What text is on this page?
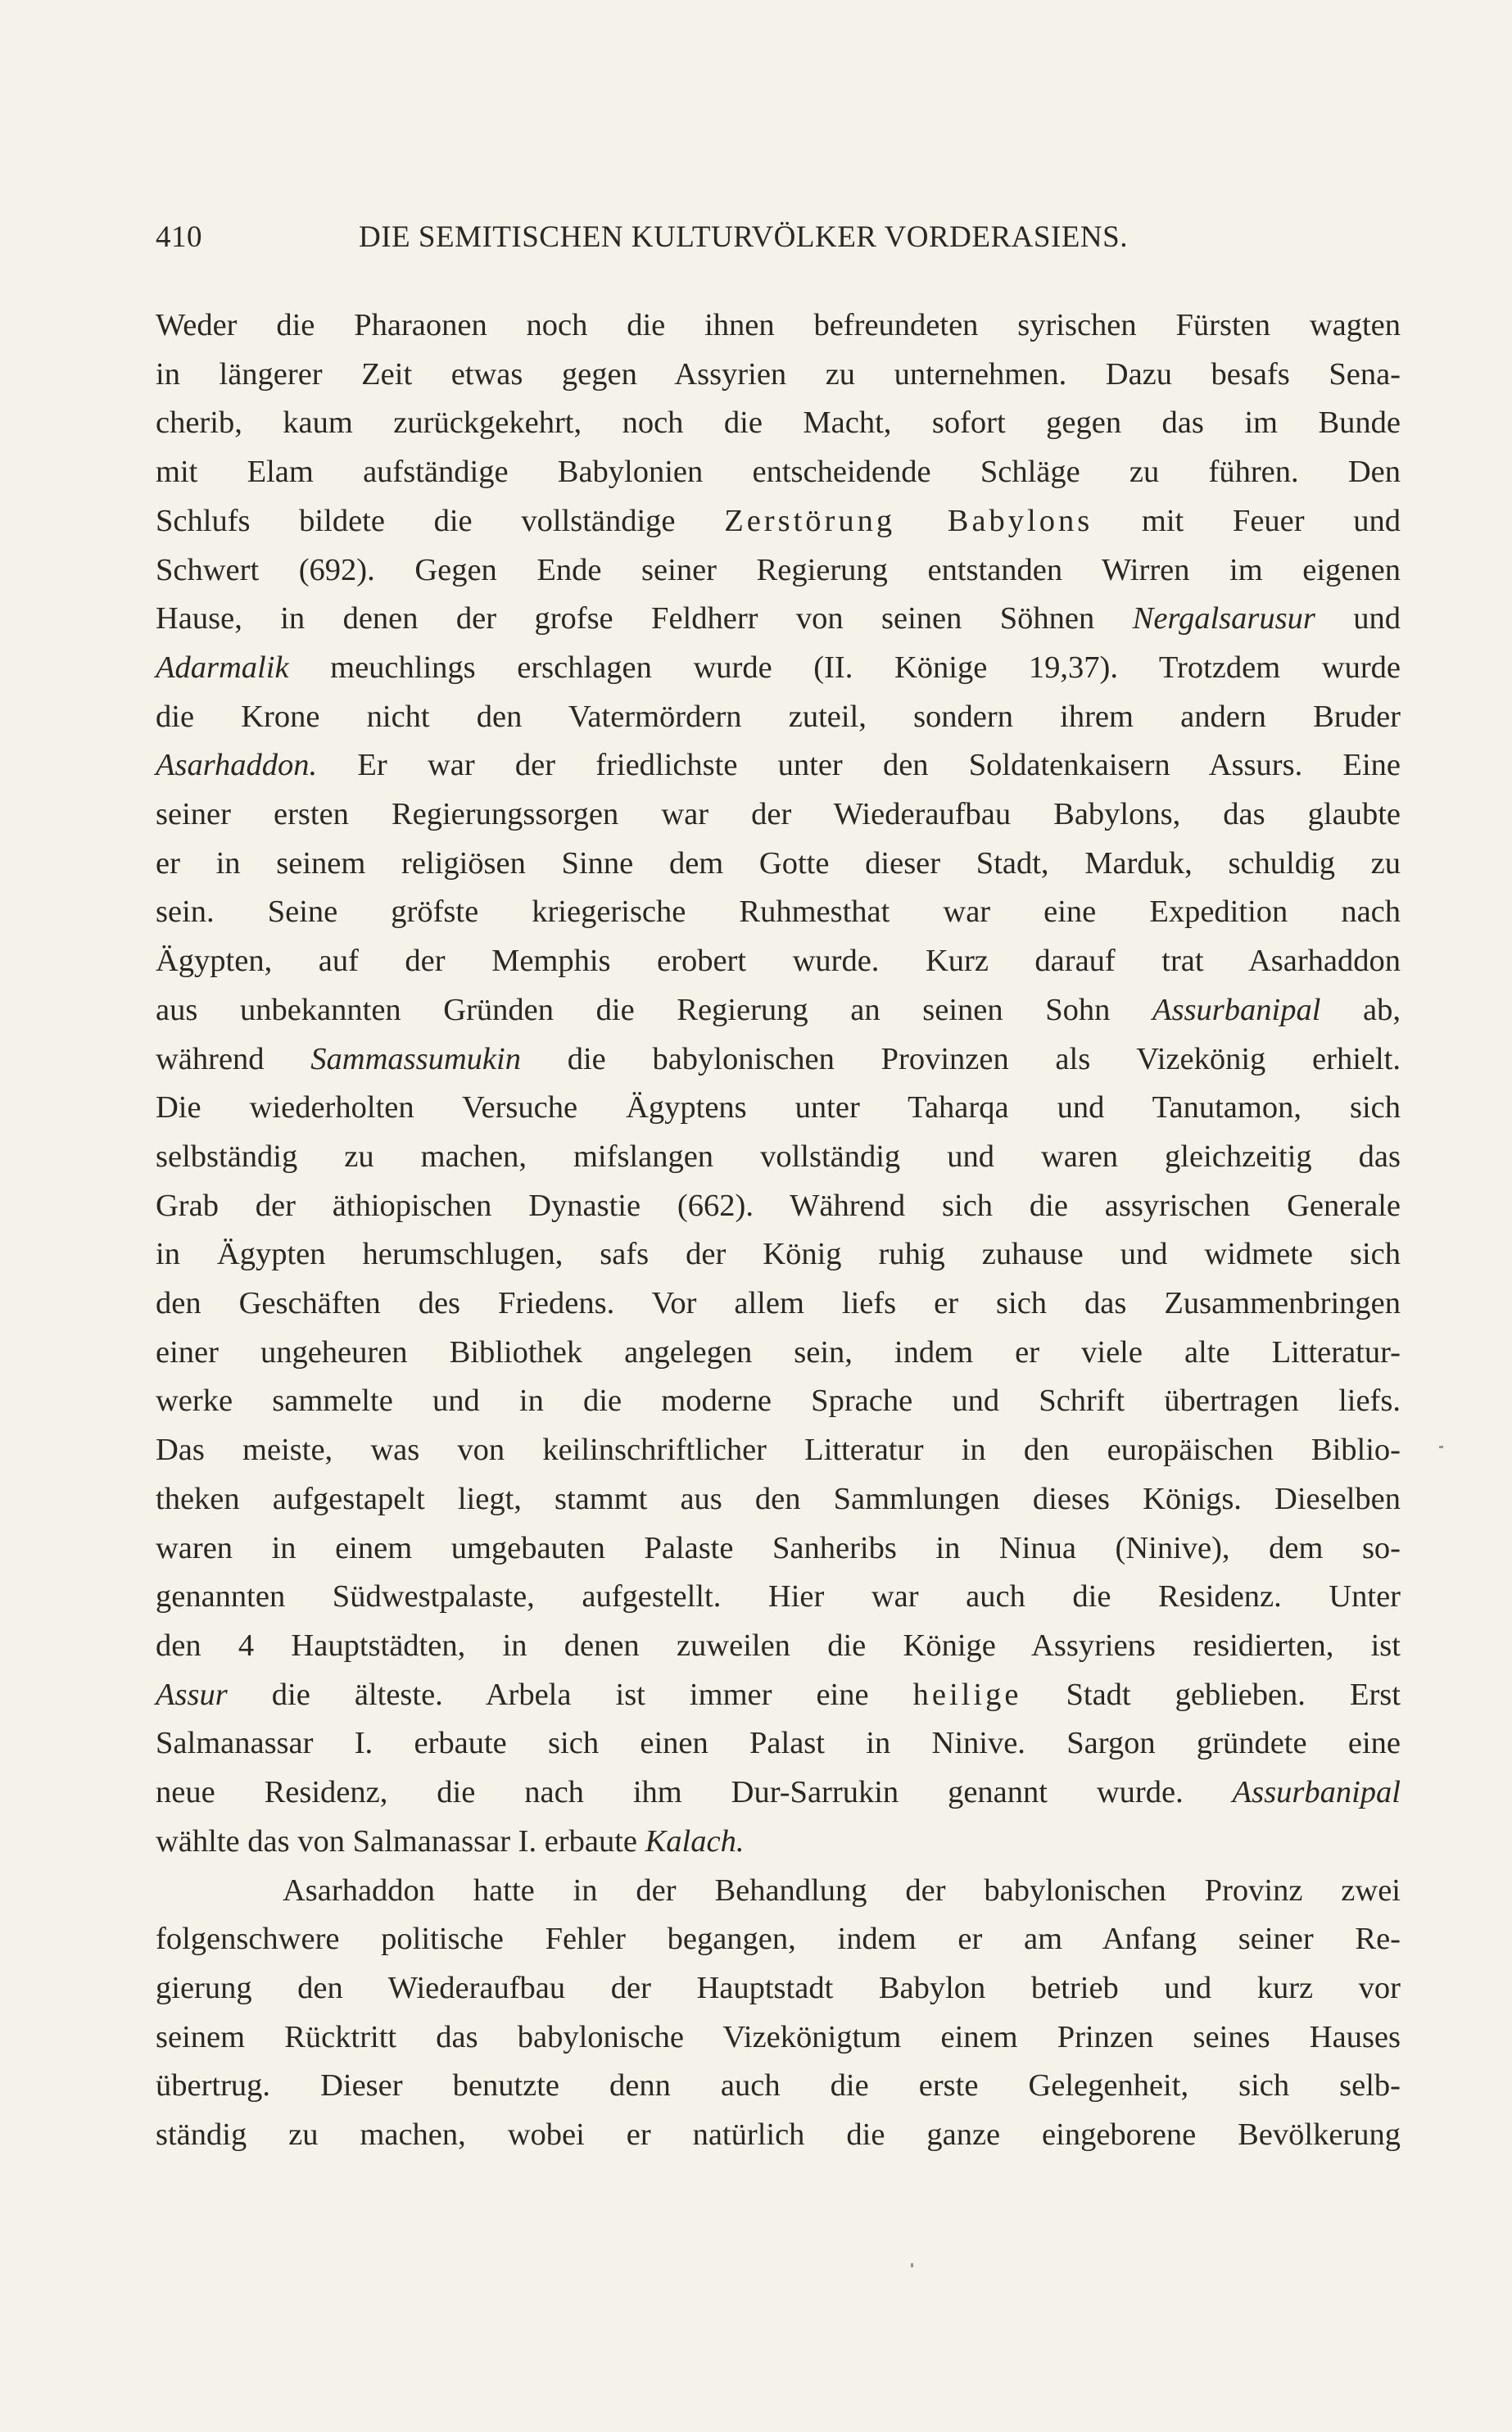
410	DIE SEMITISCHEN KULTURVÖLKER VORDERASIENS.

Weder die Pharaonen noch die ihnen befreundeten syrischen Fürsten wagten
in längerer Zeit etwas gegen Assyrien zu unternehmen. Dazu besafs Sena-
cherib, kaum zurückgekehrt, noch die Macht, sofort gegen das im Bunde
mit Elam aufständige Babylonien entscheidende Schläge zu führen. Den
Schlufs bildete die vollständige Zerstörung Babylons mit Feuer und
Schwert (692). Gegen Ende seiner Regierung entstanden Wirren im eigenen
Hause, in denen der grofse Feldherr von seinen Söhnen Nergalsarusur und
Adarmalik meuchlings erschlagen wurde (II. Könige 19,37). Trotzdem wurde
die Krone nicht den Vatermördern zuteil, sondern ihrem andern Bruder
Asarhaddon. Er war der friedlichste unter den Soldatenkaisern Assurs. Eine
seiner ersten Regierungssorgen war der Wiederaufbau Babylons, das glaubte
er in seinem religiösen Sinne dem Gotte dieser Stadt, Marduk, schuldig zu
sein. Seine gröfste kriegerische Ruhmesthat war eine Expedition nach
Ägypten, auf der Memphis erobert wurde. Kurz darauf trat Asarhaddon
aus unbekannten Gründen die Regierung an seinen Sohn Assurbanipal ab,
während Sammassumukin die babylonischen Provinzen als Vizekönig erhielt.
Die wiederholten Versuche Ägyptens unter Taharqa und Tanutamon, sich
selbständig zu machen, mifslangen vollständig und waren gleichzeitig das
Grab der äthiopischen Dynastie (662). Während sich die assyrischen Generale
in Ägypten herumschlugen, safs der König ruhig zuhause und widmete sich
den Geschäften des Friedens. Vor allem liefs er sich das Zusammenbringen
einer ungeheuren Bibliothek angelegen sein, indem er viele alte Litteratur-
werke sammelte und in die moderne Sprache und Schrift übertragen liefs.
Das meiste, was von keilinschriftlicher Litteratur in den europäischen Biblio-
theken aufgestapelt liegt, stammt aus den Sammlungen dieses Königs. Dieselben
waren in einem umgebauten Palaste Sanheribs in Ninua (Ninive), dem so-
genannten Südwestpalaste, aufgestellt. Hier war auch die Residenz. Unter
den 4 Hauptstädten, in denen zuweilen die Könige Assyriens residierten, ist
Assur die älteste. Arbela ist immer eine heilige Stadt geblieben. Erst
Salmanassar I. erbaute sich einen Palast in Ninive. Sargon gründete eine
neue Residenz, die nach ihm Dur-Sarrukin genannt wurde. Assurbanipal
wählte das von Salmanassar I. erbaute Kalach.

Asarhaddon hatte in der Behandlung der babylonischen Provinz zwei
folgenschwere politische Fehler begangen, indem er am Anfang seiner Re-
gierung den Wiederaufbau der Hauptstadt Babylon betrieb und kurz vor
seinem Rücktritt das babylonische Vizekönigtum einem Prinzen seines Hauses
übertrug. Dieser benutzte denn auch die erste Gelegenheit, sich selb-
ständig zu machen, wobei er natürlich die ganze eingeborene Bevölkerung
